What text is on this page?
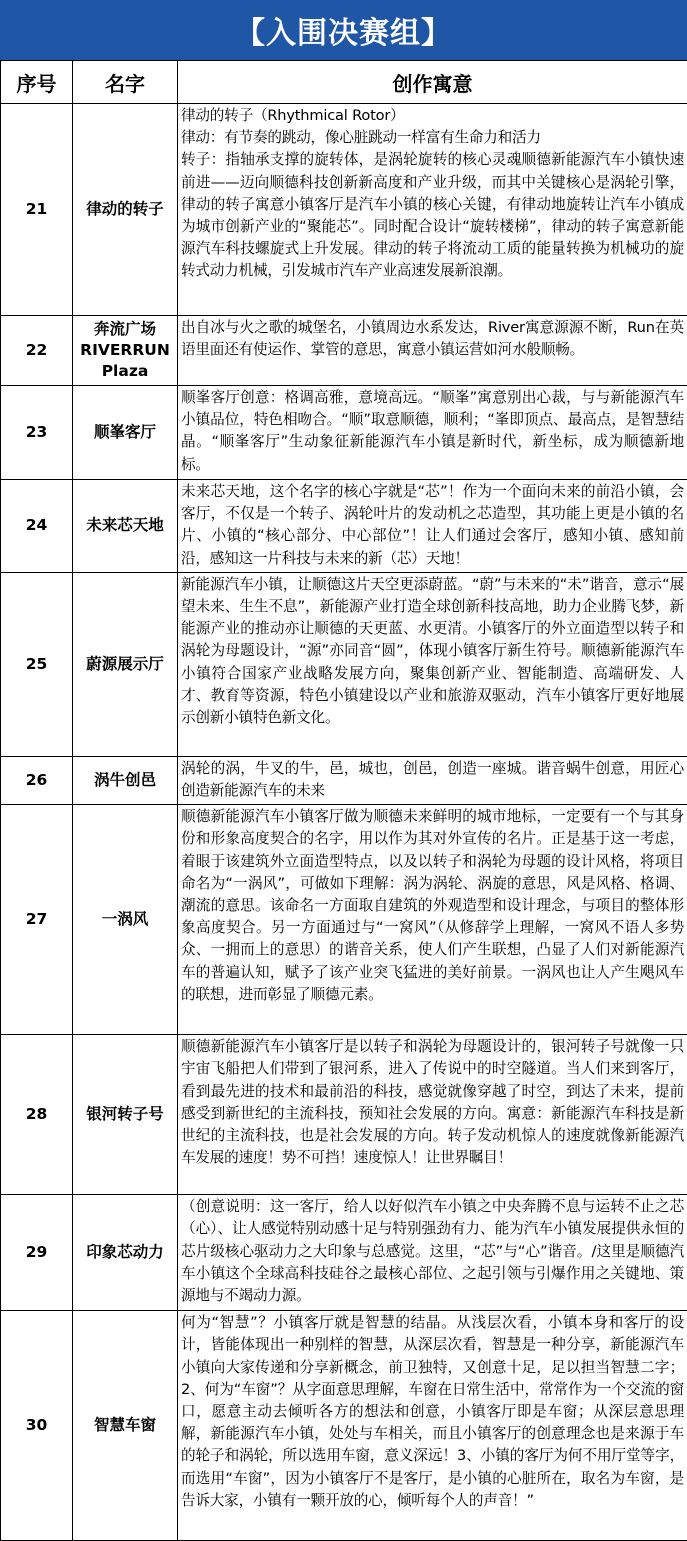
【入围决赛组】
序号	名字	创作寓意
21	律动的转子	律动的转子（Rhythmical Rotor）
律动：有节奏的跳动，像心脏跳动一样富有生命力和活力
转子：指轴承支撑的旋转体，是涡轮旋转的核心灵魂顺德新能源汽车小镇快速前进——迈向顺德科技创新新高度和产业升级，而其中关键核心是涡轮引擎，律动的转子寓意小镇客厅是汽车小镇的核心关键，有律动地旋转让汽车小镇成为城市创新产业的“聚能芯”。同时配合设计“旋转楼梯”，律动的转子寓意新能源汽车科技螺旋式上升发展。律动的转子将流动工质的能量转换为机械功的旋转式动力机械，引发城市汽车产业高速发展新浪潮。

22	奔流广场
RIVERRUN
Plaza	出自冰与火之歌的城堡名，小镇周边水系发达，River寓意源源不断，Run在英语里面还有使运作、掌管的意思，寓意小镇运营如河水般顺畅。

23	顺峯客厅	顺峯客厅创意：格调高雅，意境高远。“顺峯”寓意别出心裁，与与新能源汽车小镇品位，特色相吻合。“顺”取意顺德，顺利；“峯即顶点、最高点，是智慧结晶。“顺峯客厅”生动象征新能源汽车小镇是新时代，新坐标，成为顺德新地标。

24	未来芯天地	未来芯天地，这个名字的核心字就是“芯”！作为一个面向未来的前沿小镇，会客厅，不仅是一个转子、涡轮叶片的发动机之芯造型，其功能上更是小镇的名片、小镇的“核心部分、中心部位”！让人们通过会客厅，感知小镇、感知前沿，感知这一片科技与未来的新（芯）天地！

25	蔚源展示厅	新能源汽车小镇，让顺德这片天空更添蔚蓝。“蔚”与未来的“未”谐音，意示“展望未来、生生不息”，新能源产业打造全球创新科技高地，助力企业腾飞梦，新能源产业的推动亦让顺德的天更蓝、水更清。小镇客厅的外立面造型以转子和涡轮为母题设计，“源”亦同音“圆”，体现小镇客厅新生符号。顺德新能源汽车小镇符合国家产业战略发展方向，聚集创新产业、智能制造、高端研发、人才、教育等资源，特色小镇建设以产业和旅游双驱动，汽车小镇客厅更好地展示创新小镇特色新文化。

26	涡牛创邑	涡轮的涡，牛叉的牛，邑，城也，创邑，创造一座城。谐音蜗牛创意，用匠心创造新能源汽车的未来

27	一涡风	顺德新能源汽车小镇客厅做为顺德未来鲜明的城市地标，一定要有一个与其身份和形象高度契合的名字，用以作为其对外宣传的名片。正是基于这一考虑，着眼于该建筑外立面造型特点，以及以转子和涡轮为母题的设计风格，将项目命名为“一涡风”，可做如下理解：涡为涡轮、涡旋的意思，风是风格、格调、潮流的意思。该命名一方面取自建筑的外观造型和设计理念，与项目的整体形象高度契合。另一方面通过与“一窝风”（从修辞学上理解，一窝风不语人多势众、一拥而上的意思）的谐音关系，使人们产生联想，凸显了人们对新能源汽车的普遍认知，赋予了该产业突飞猛进的美好前景。一涡风也让人产生飓风车的联想，进而彰显了顺德元素。

28	银河转子号	顺德新能源汽车小镇客厅是以转子和涡轮为母题设计的，银河转子号就像一只宇宙飞船把人们带到了银河系，进入了传说中的时空隧道。当人们来到客厅，看到最先进的技术和最前沿的科技，感觉就像穿越了时空，到达了未来，提前感受到新世纪的主流科技，预知社会发展的方向。寓意：新能源汽车科技是新世纪的主流科技，也是社会发展的方向。转子发动机惊人的速度就像新能源汽车发展的速度！势不可挡！速度惊人！让世界瞩目！

29	印象芯动力	（创意说明：这一客厅，给人以好似汽车小镇之中央奔腾不息与运转不止之芯（心）、让人感觉特别动感十足与特别强劲有力、能为汽车小镇发展提供永恒的芯片级核心驱动力之大印象与总感觉。这里，“芯”与“心”谐音。/这里是顺德汽车小镇这个全球高科技硅谷之最核心部位、之起引领与引爆作用之关键地、策源地与不竭动力源。

30	智慧车窗	何为“智慧”？小镇客厅就是智慧的结晶。从浅层次看，小镇本身和客厅的设计，皆能体现出一种别样的智慧，从深层次看，智慧是一种分享，新能源汽车小镇向大家传递和分享新概念，前卫独特，又创意十足，足以担当智慧二字；2、何为“车窗”？从字面意思理解，车窗在日常生活中，常常作为一个交流的窗口，愿意主动去倾听各方的想法和创意，小镇客厅即是车窗；从深层意思理解，新能源汽车小镇，处处与车相关，而且小镇客厅的创意理念也是来源于车的轮子和涡轮，所以选用车窗，意义深远！3、小镇的客厅为何不用厅堂等字，而选用“车窗”，因为小镇客厅不是客厅，是小镇的心脏所在，取名为车窗，是告诉大家，小镇有一颗开放的心，倾听每个人的声音！”
